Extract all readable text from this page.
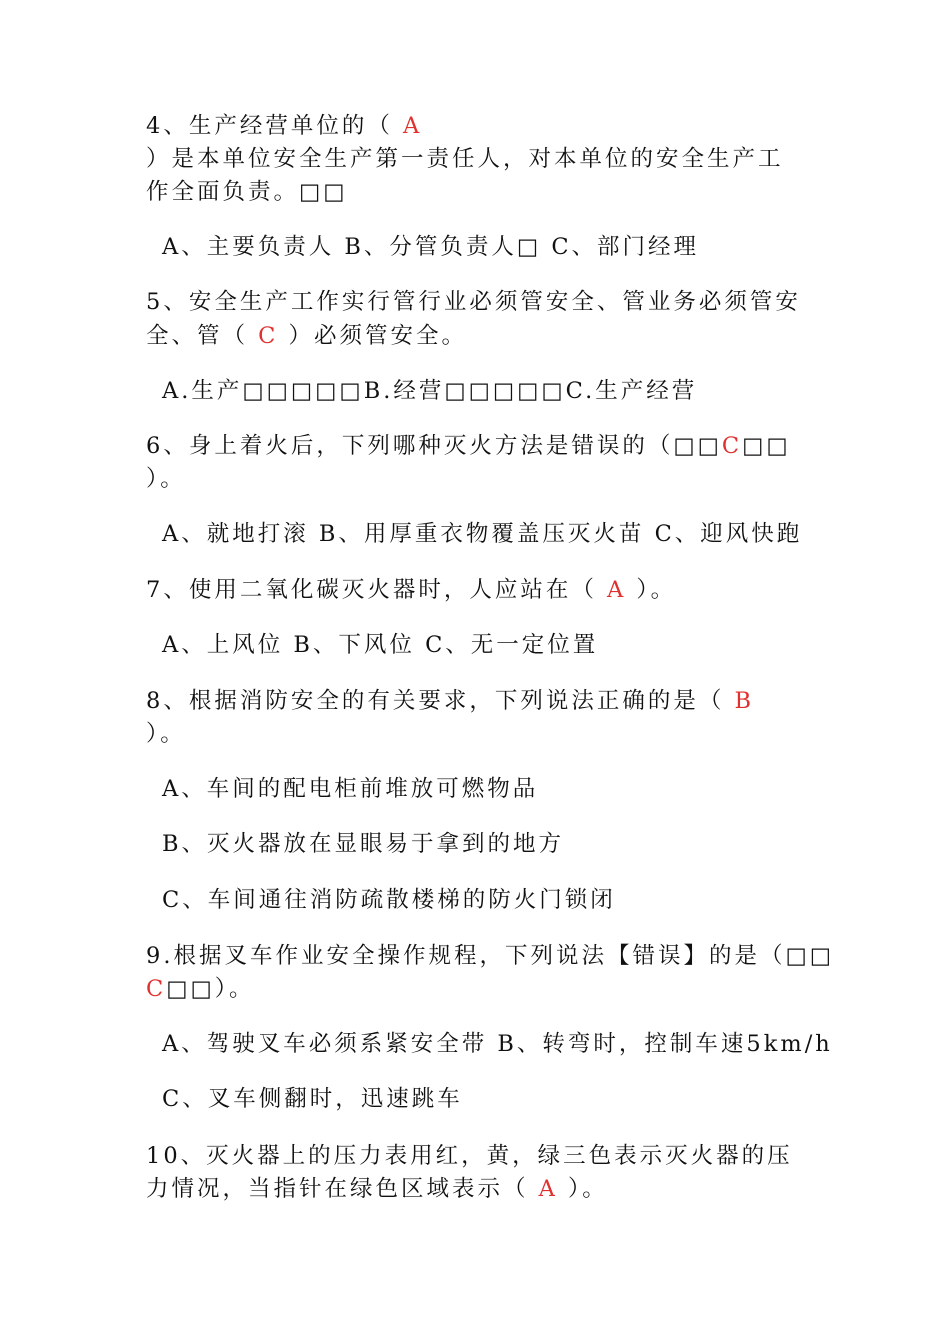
4、生产经营单位的（ A
）是本单位安全生产第一责任人，对本单位的安全生产工
作全面负责。□□
A、主要负责人 B、分管负责人□ C、部门经理
5、安全生产工作实行管行业必须管安全、管业务必须管安
全、管（ C ）必须管安全。
A.生产□□□□□B.经营□□□□□C.生产经营
6、身上着火后，下列哪种灭火方法是错误的（□□C□□
）。
A、就地打滚 B、用厚重衣物覆盖压灭火苗 C、迎风快跑
7、使用二氧化碳灭火器时，人应站在（ A ）。
A、上风位 B、下风位 C、无一定位置
8、根据消防安全的有关要求，下列说法正确的是（ B
）。
A、车间的配电柜前堆放可燃物品
B、灭火器放在显眼易于拿到的地方
C、车间通往消防疏散楼梯的防火门锁闭
9.根据叉车作业安全操作规程，下列说法【错误】的是（□□
C□□）。
A、驾驶叉车必须系紧安全带 B、转弯时，控制车速5km/h
C、叉车侧翻时，迅速跳车
10、灭火器上的压力表用红，黄，绿三色表示灭火器的压
力情况，当指针在绿色区域表示（ A ）。
